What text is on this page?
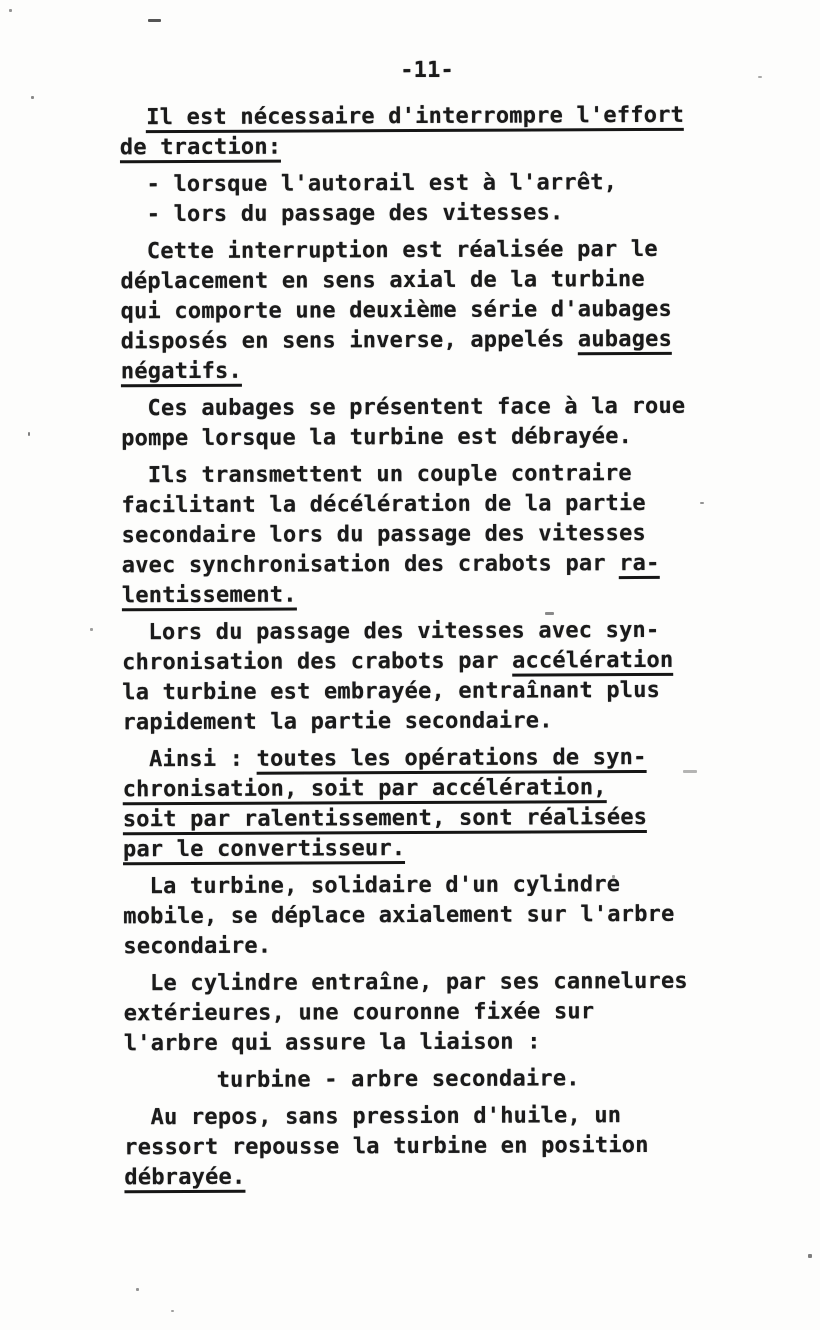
-11-
Il est nécessaire d'interrompre l'effort
de traction:
- lorsque l'autorail est à l'arrêt,
- lors du passage des vitesses.
Cette interruption est réalisée par le
déplacement en sens axial de la turbine
qui comporte une deuxième série d'aubages
disposés en sens inverse, appelés aubages
négatifs.
Ces aubages se présentent face à la roue
pompe lorsque la turbine est débrayée.
Ils transmettent un couple contraire
facilitant la décélération de la partie
secondaire lors du passage des vitesses
avec synchronisation des crabots par ra-
lentissement.
Lors du passage des vitesses avec syn-
chronisation des crabots par accélération
la turbine est embrayée, entraînant plus
rapidement la partie secondaire.
Ainsi : toutes les opérations de syn-
chronisation, soit par accélération,
soit par ralentissement, sont réalisées
par le convertisseur.
La turbine, solidaire d'un cylindre
mobile, se déplace axialement sur l'arbre
secondaire.
Le cylindre entraîne, par ses cannelures
extérieures, une couronne fixée sur
l'arbre qui assure la liaison :
turbine - arbre secondaire.
Au repos, sans pression d'huile, un
ressort repousse la turbine en position
débrayée.
